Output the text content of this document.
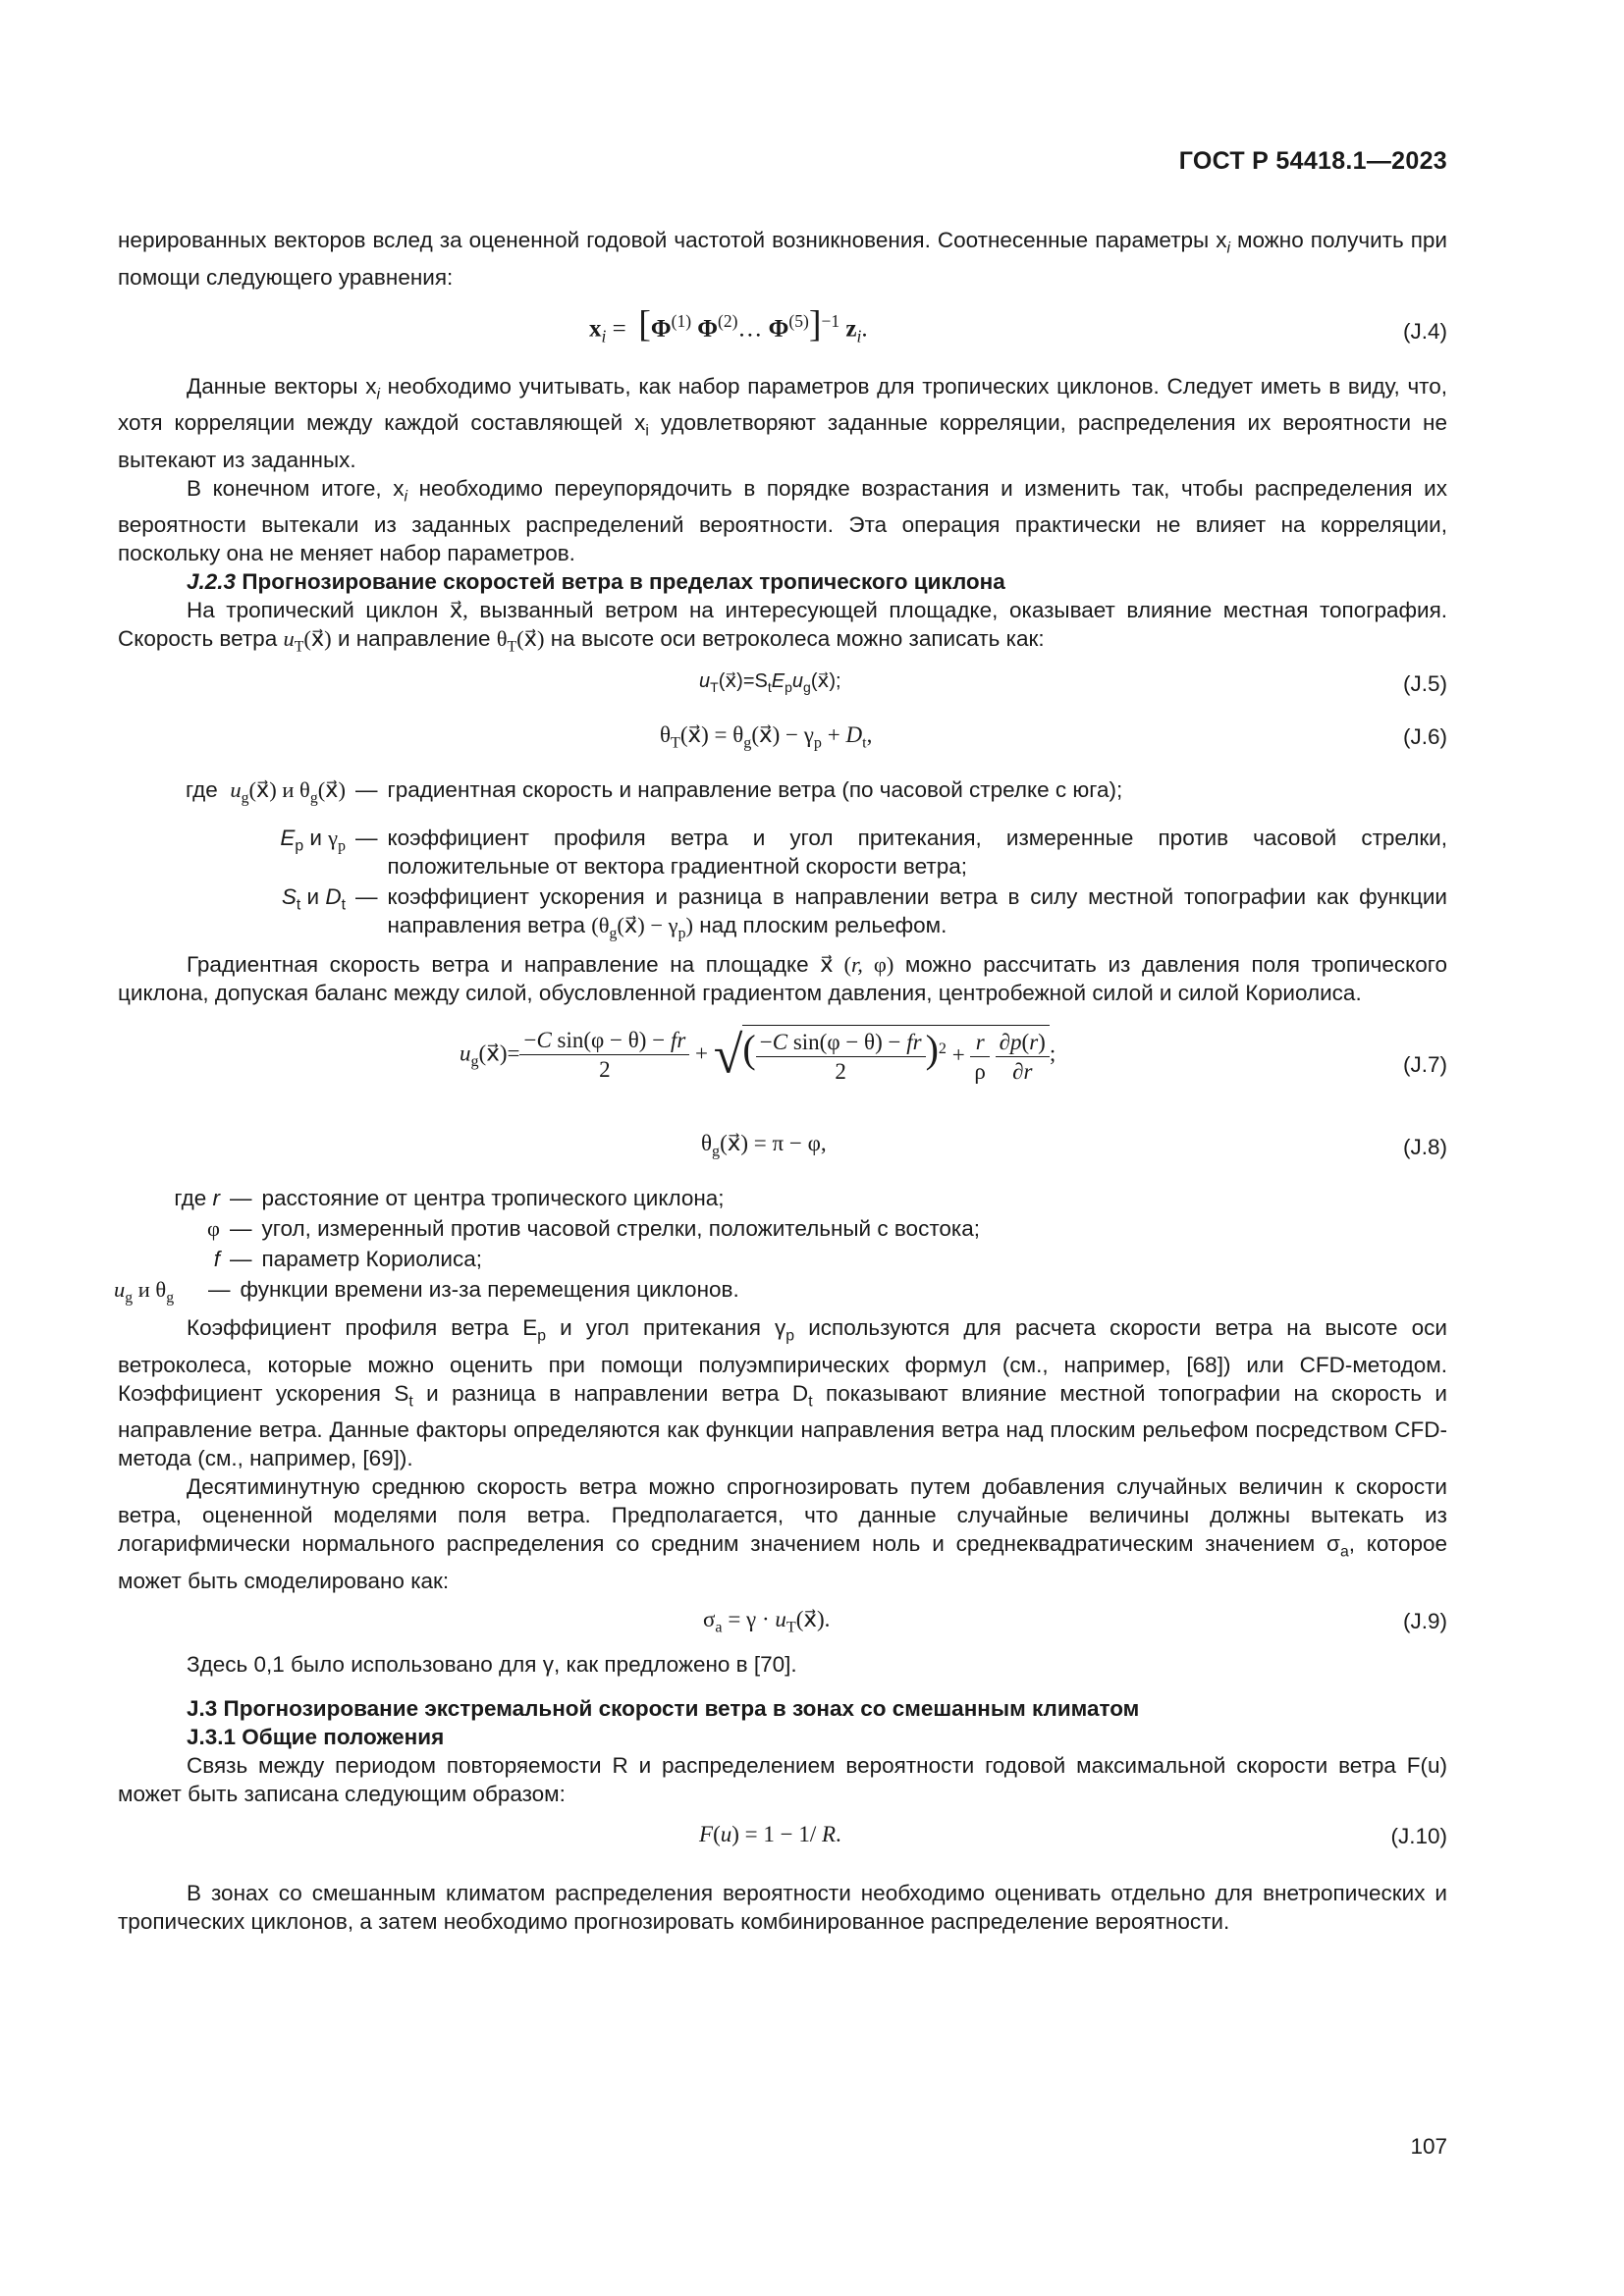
ГОСТ Р 54418.1—2023

нерированных векторов вслед за оцененной годовой частотой возникновения. Соотнесенные параметры $x_i$ можно получить при помощи следующего уравнения:

$x_i = [\Phi^{(1)}$ $\Phi^{(2)}\dots$ $\Phi^{(5)}]^{-1}$ $z_i$.	(J.4)

Данные векторы $x_i$ необходимо учитывать, как набор параметров для тропических циклонов. Следует иметь в виду, что, хотя корреляции между каждой составляющей $x_i$ удовлетворяют заданные корреляции, распределения их вероятности не вытекают из заданных.

В конечном итоге, $x_i$ необходимо переупорядочить в порядке возрастания и изменить так, чтобы распределения их вероятности вытекали из заданных распределений вероятности. Эта операция практически не влияет на корреляции, поскольку она не меняет набор параметров.

J.2.3 Прогнозирование скоростей ветра в пределах тропического циклона

На тропический циклон x⃗, вызванный ветром на интересующей площадке, оказывает влияние местная топография. Скорость ветра $u_T(x⃗)$ и направление $\theta_T(x⃗)$ на высоте оси ветроколеса можно записать как:

$u_T(x⃗)=S_tE_pu_g(x⃗)$;	(J.5)
$\theta_T(x⃗)$ = $\theta_g(x⃗) - \gamma_p + D_t$,	(J.6)
где $u_g(x⃗)$ и $\theta_g(x⃗)$ — градиентная скорость и направление ветра (по часовой стрелке с юга);
$E_p$ и $\gamma_p$ — коэффициент профиля ветра и угол притекания, измеренные против часовой стрелки, положительные от вектора градиентной скорости ветра;
$S_t$ и $D_t$ — коэффициент ускорения и разница в направлении ветра в силу местной топографии как функции направления ветра $(\theta_g(x⃗) - \gamma_p)$ над плоским рельефом.

Градиентная скорость ветра и направление на площадке x⃗ (r, φ) можно рассчитать из давления поля тропического циклона, допуская баланс между силой, обусловленной градиентом давления, центробежной силой и силой Кориолиса.

$u_g(x⃗)= \frac{\text{−C sin(φ − θ) − fr}}{2}$ + √( $\frac{\text{−C sin(φ − θ) − fr}}{2} )^2 + \frac{r}{\rho}$
$\frac{\partial p(r)}{\partial r}$ ;	(J.7)
$\theta_g(x⃗) = \pi - \varphi$,	(J.8)
где r — расстояние от центра тропического циклона;
φ — угол, измеренный против часовой стрелки, положительный с востока;
f — параметр Кориолиса;
$u_g$ и $\theta_g$	— функции времени из-за перемещения циклонов.

Коэффициент профиля ветра $E_p$ и угол притекания $\gamma_p$ используются для расчета скорости ветра на высоте оси ветроколеса, которые можно оценить при помощи полуэмпирических формул (см., например, [68]) или CFD-методом. Коэффициент ускорения $S_t$ и разница в направлении ветра $D_t$ показывают влияние местной топографии на скорость и направление ветра. Данные факторы определяются как функции направления ветра над плоским рельефом посредством CFD-метода (см., например, [69]).

Десятиминутную среднюю скорость ветра можно спрогнозировать путем добавления случайных величин к скорости ветра, оцененной моделями поля ветра. Предполагается, что данные случайные величины должны вытекать из логарифмически нормального распределения со средним значением ноль и среднеквадратическим значением $\sigma_a$, которое может быть смоделировано как:

$\sigma_a = \gamma$ · $u_T(x⃗)$.	(J.9)

Здесь 0,1 было использовано для γ, как предложено в [70].

J.3 Прогнозирование экстремальной скорости ветра в зонах со смешанным климатом

J.3.1 Общие положения

Связь между периодом повторяемости R и распределением вероятности годовой максимальной скорости ветра F(u) может быть записана следующим образом:

F(u) = 1 − 1/ R.	(J.10)

В зонах со смешанным климатом распределения вероятности необходимо оценивать отдельно для внетропических и тропических циклонов, а затем необходимо прогнозировать комбинированное распределение вероятности.

107
